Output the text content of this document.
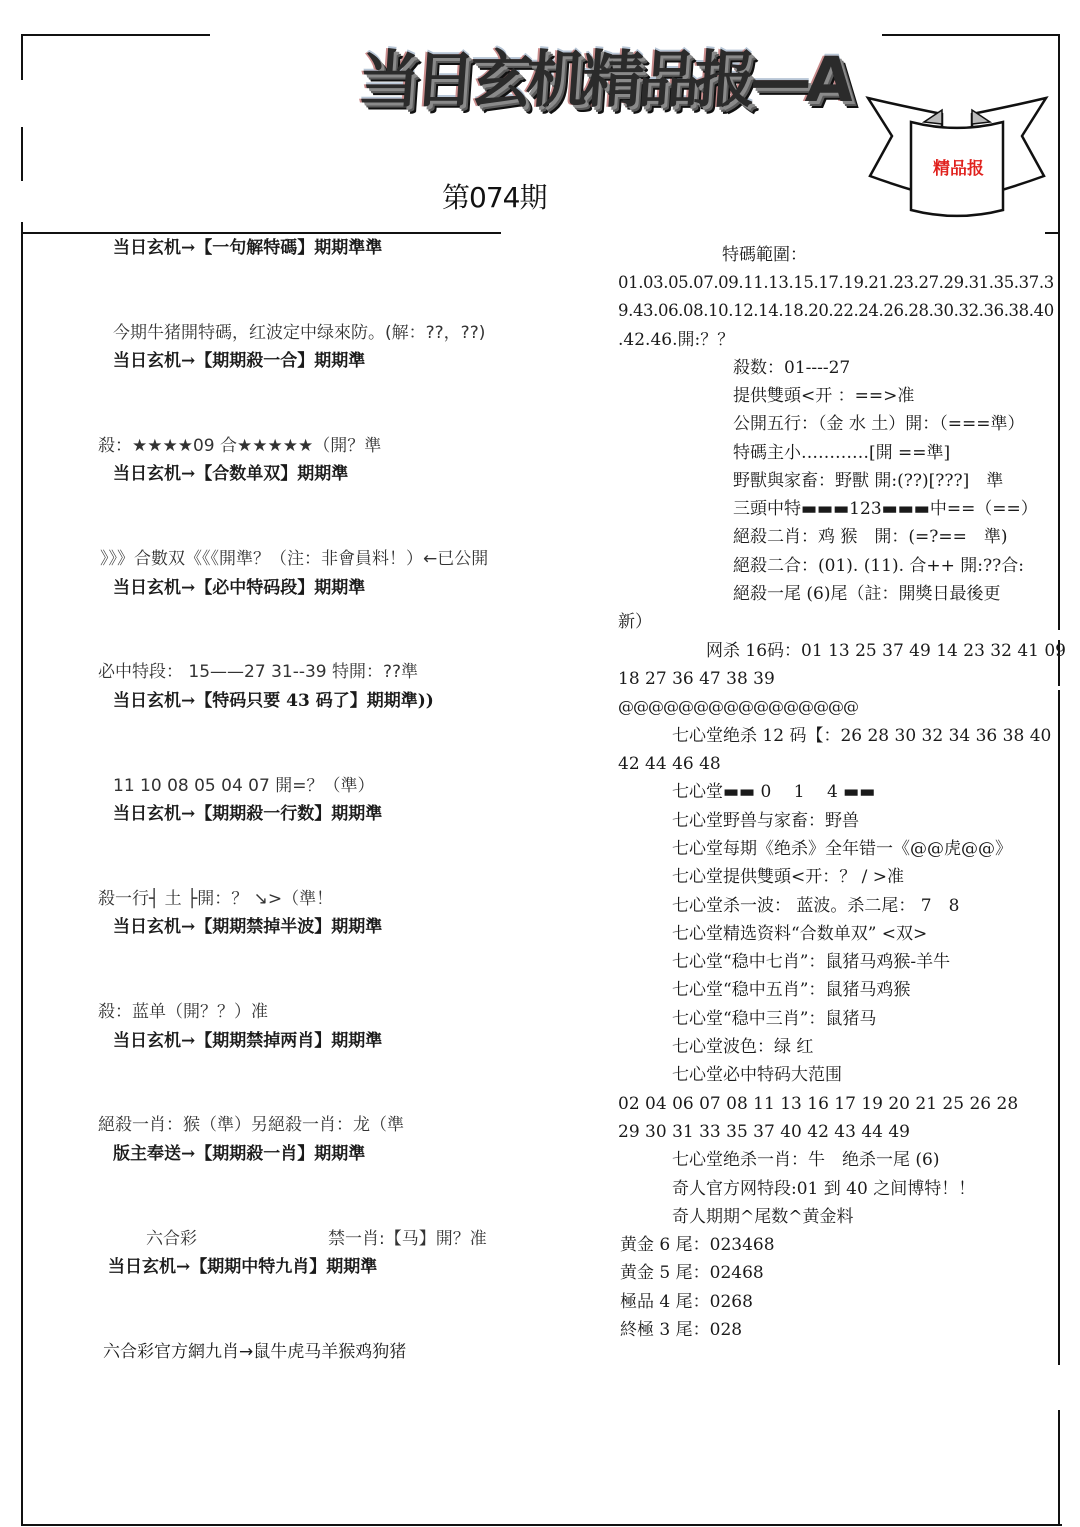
当日玄机精品报—A
第074期
精品报
当日玄机→【一句解特碼】期期準準
今期牛猪開特碼，红波定中绿來防。(解：??，??)
当日玄机→【期期殺一合】期期準
殺：★★★★09 合★★★★★（開？準
当日玄机→【合数单双】期期準
》》》合數双《《《開準？（注：非會員料！）←已公開
当日玄机→【必中特码段】期期準
必中特段： 15——27 31--39 特開：??準
当日玄机→【特码只要 43 码了】期期準))
11 10 08 05 04 07 開=？（準）
当日玄机→【期期殺一行数】期期準
殺一行┤ 土 ├開：？ ↘>（準！
当日玄机→【期期禁掉半波】期期準
殺：蓝单（開？？）准
当日玄机→【期期禁掉两肖】期期準
絕殺一肖：猴（準）另絕殺一肖：龙（準
版主奉送→【期期殺一肖】期期準
六合彩	禁一肖:【马】開？准
当日玄机→【期期中特九肖】期期準
六合彩官方網九肖→鼠牛虎马羊猴鸡狗猪
特碼範圍：
01.03.05.07.09.11.13.15.17.19.21.23.27.29.31.35.37.3
9.43.06.08.10.12.14.18.20.22.24.26.28.30.32.36.38.40
.42.46.開:？？
殺数：01----27
提供雙頭<开 ：==>准
公開五行：（金 水 土）開：（===準）
特碼主小…………[開 ==準]
野獸與家畜：野獸 開:(??)[???]　準
三頭中特▬▬▬123▬▬▬中==（==）
絕殺二肖：鸡 猴　開：(=?==　準)
絕殺二合：(01). (11). 合++ 開:??合:
絕殺一尾 (6)尾（註：開獎日最後更
新）
网杀 16码：01 13 25 37 49 14 23 32 41 09
18 27 36 47 38 39
@@@@@@@@@@@@@@@@
七心堂绝杀 12 码【：26 28 30 32 34 36 38 40
42 44 46 48
七心堂▬▬ 0　 1　 4 ▬▬
七心堂野兽与家畜：野兽
七心堂每期《绝杀》全年错一《@@虎@@》
七心堂提供雙頭<开：？ / >准
七心堂杀一波： 蓝波。杀二尾： 7　8
七心堂精选资料“合数单双” <双>
七心堂“稳中七肖”：鼠猪马鸡猴-羊牛
七心堂“稳中五肖”：鼠猪马鸡猴
七心堂“稳中三肖”：鼠猪马
七心堂波色：绿 红
七心堂必中特码大范围
02 04 06 07 08 11 13 16 17 19 20 21 25 26 28
29 30 31 33 35 37 40 42 43 44 49
七心堂绝杀一肖：牛　绝杀一尾 (6)
奇人官方网特段:01 到 40 之间博特！！
奇人期期^尾数^黄金料
黄金 6 尾：023468
黄金 5 尾：02468
極品 4 尾：0268
終極 3 尾：028
